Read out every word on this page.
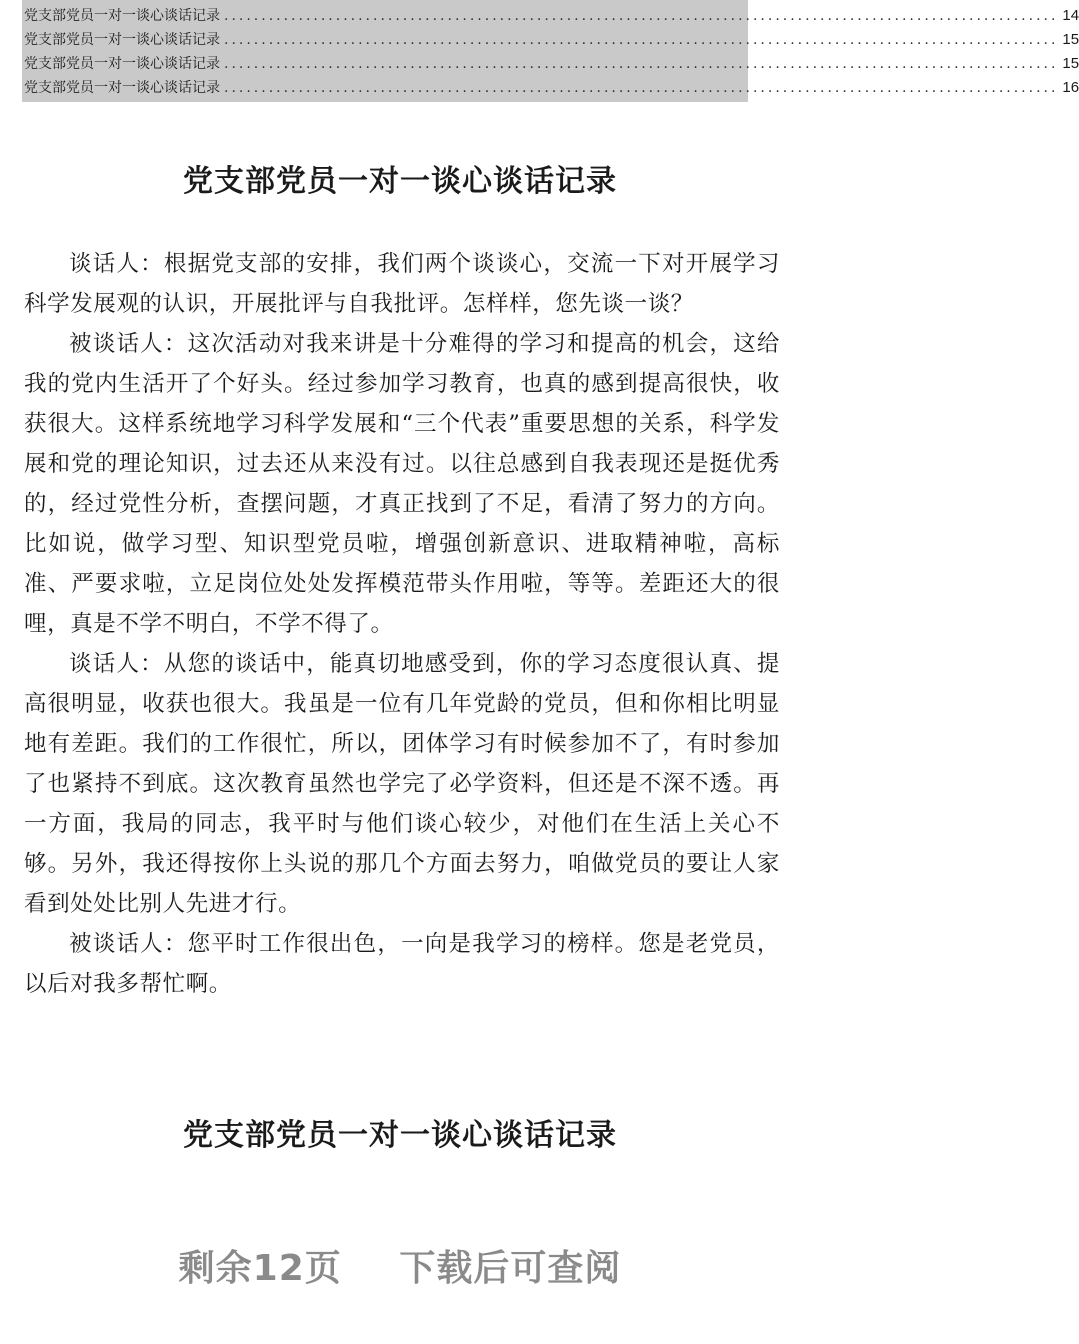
党支部党员一对一谈心谈话记录 ................................................................................................................ 14
党支部党员一对一谈心谈话记录 ................................................................................................................ 15
党支部党员一对一谈心谈话记录 ................................................................................................................ 15
党支部党员一对一谈心谈话记录 ................................................................................................................ 16
党支部党员一对一谈心谈话记录

谈话人：根据党支部的安排，我们两个谈谈心，交流一下对开展学习科学发展观的认识，开展批评与自我批评。怎样样，您先谈一谈？

被谈话人：这次活动对我来讲是十分难得的学习和提高的机会，这给我的党内生活开了个好头。经过参加学习教育，也真的感到提高很快，收获很大。这样系统地学习科学发展和“三个代表”重要思想的关系，科学发展和党的理论知识，过去还从来没有过。以往总感到自我表现还是挺优秀的，经过党性分析，查摆问题，才真正找到了不足，看清了努力的方向。比如说，做学习型、知识型党员啦，增强创新意识、进取精神啦，高标准、严要求啦，立足岗位处处发挥模范带头作用啦，等等。差距还大的很哩，真是不学不明白，不学不得了。

谈话人：从您的谈话中，能真切地感受到，你的学习态度很认真、提高很明显，收获也很大。我虽是一位有几年党龄的党员，但和你相比明显地有差距。我们的工作很忙，所以，团体学习有时候参加不了，有时参加了也紧持不到底。这次教育虽然也学完了必学资料，但还是不深不透。再一方面，我局的同志，我平时与他们谈心较少，对他们在生活上关心不够。另外，我还得按你上头说的那几个方面去努力，咱做党员的要让人家看到处处比别人先进才行。

被谈话人：您平时工作很出色，一向是我学习的榜样。您是老党员，以后对我多帮忙啊。

党支部党员一对一谈心谈话记录
剩余12页 下载后可查阅
